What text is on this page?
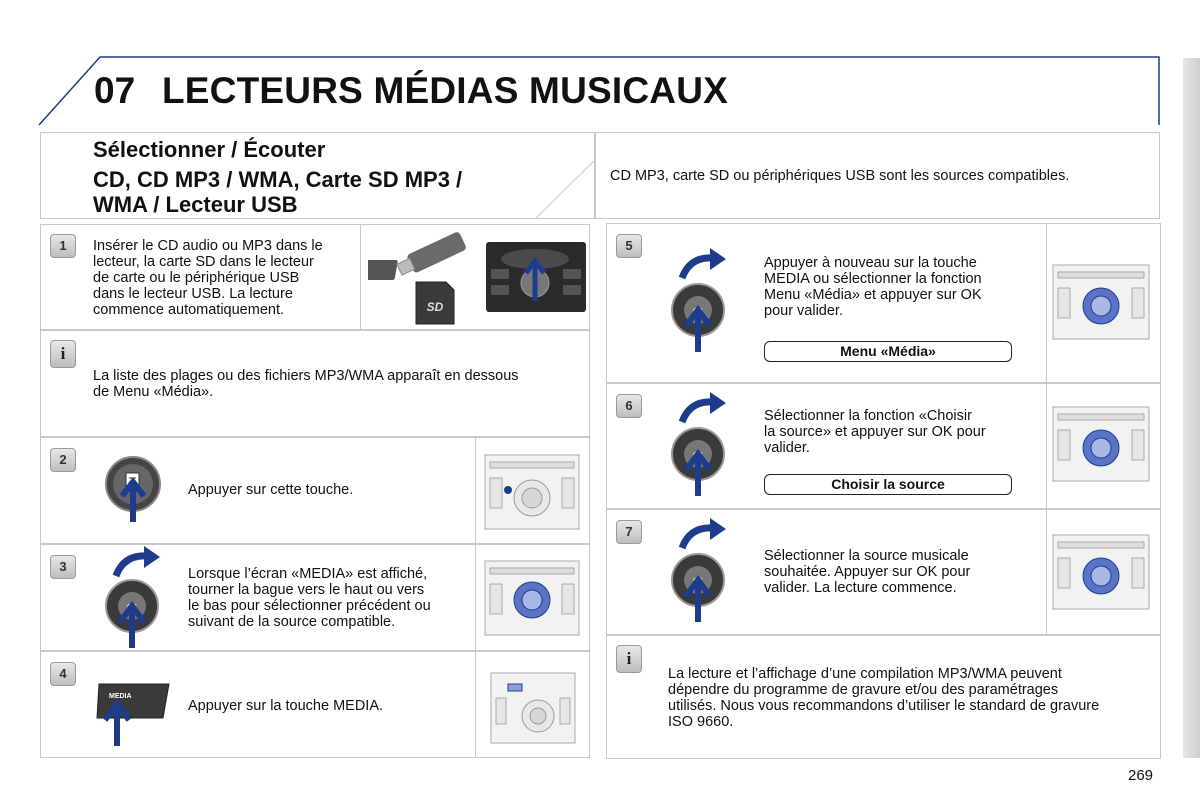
07 LECTEURS MÉDIAS MUSICAUX
Sélectionner / Écouter
CD, CD MP3 / WMA, Carte SD MP3 /
WMA / Lecteur USB
CD MP3, carte SD ou périphériques USB sont les sources compatibles.
1	Insérer le CD audio ou MP3 dans le
lecteur, la carte SD dans le lecteur
de carte ou le périphérique USB
dans le lecteur USB. La lecture
commence automatiquement.	SD
i
La liste des plages ou des fichiers MP3/WMA apparaît en dessous
de Menu «Média».
2
Appuyer sur cette touche.
3
OK
Lorsque l’écran «MEDIA» est affiché,
tourner la bague vers le haut ou vers
le bas pour sélectionner précédent ou
suivant de la source compatible.
4
MEDIA
Appuyer sur la touche MEDIA.
5
OK
Appuyer à nouveau sur la touche
MEDIA ou sélectionner la fonction
Menu «Média» et appuyer sur OK
pour valider.
Menu «Média»
6
OK
Sélectionner la fonction «Choisir
la source» et appuyer sur OK pour
valider.
Choisir la source
7
OK
Sélectionner la source musicale
souhaitée. Appuyer sur OK pour
valider. La lecture commence.
i
La lecture et l’affichage d’une compilation MP3/WMA peuvent
dépendre du programme de gravure et/ou des paramétrages
utilisés. Nous vous recommandons d’utiliser le standard de gravure
ISO 9660.
269
